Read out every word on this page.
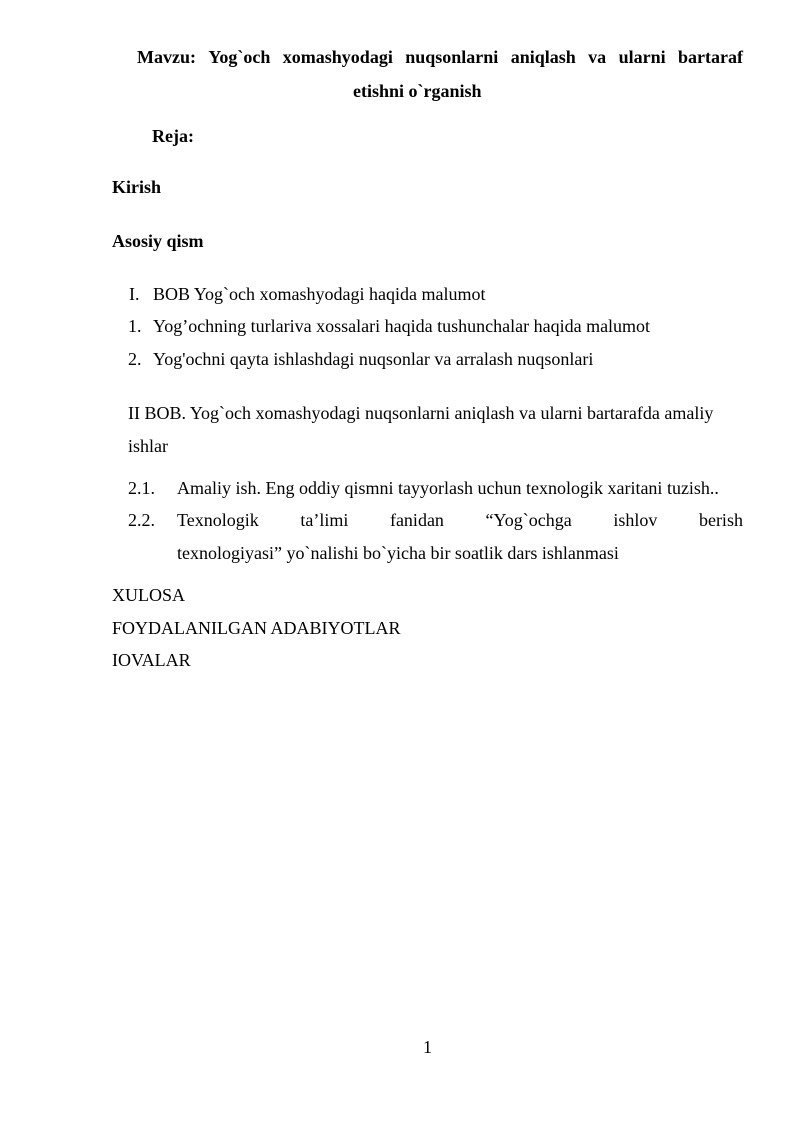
Mavzu: Yog`och xomashyodagi nuqsonlarni aniqlash va ularni bartaraf
etishni o`rganish
Reja:
Kirish
Asosiy qism
I. BOB Yog`och xomashyodagi haqida malumot
1. Yog’ochning turlariva xossalari haqida tushunchalar haqida malumot
2. Yog'ochni qayta ishlashdagi nuqsonlar va arralash nuqsonlari
II BOB. Yog`och xomashyodagi nuqsonlarni aniqlash va ularni bartarafda amaliy
ishlar
2.1. Amaliy ish. Eng oddiy qismni tayyorlash uchun texnologik xaritani tuzish..
2.2. Texnologik ta’limi fanidan “Yog`ochga ishlov berish
texnologiyasi” yo`nalishi bo`yicha bir soatlik dars ishlanmasi
XULOSA
FOYDALANILGAN ADABIYOTLAR
IOVALAR
1
